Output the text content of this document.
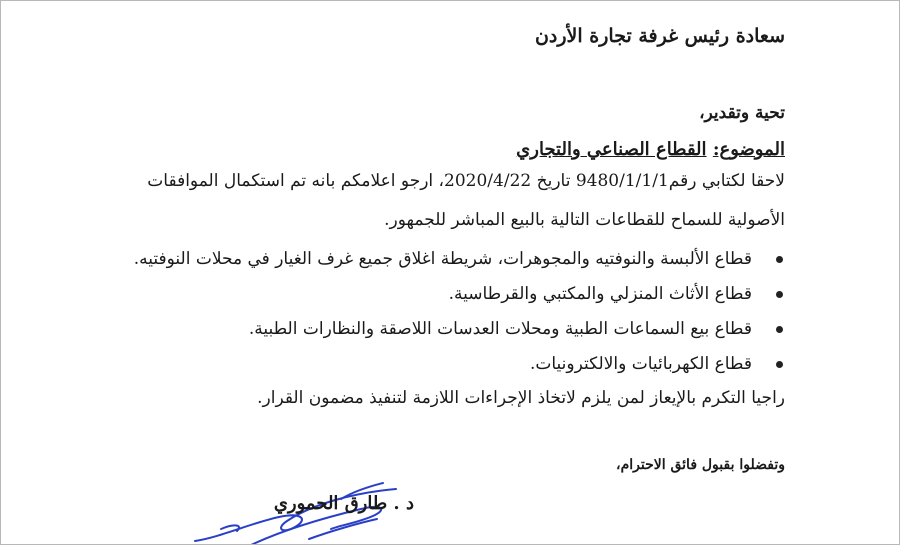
سعادة رئيس غرفة تجارة الأردن

تحية وتقدير،

الموضوع: القطاع الصناعي والتجاري

لاحقا لكتابي رقم9480/1/1/1 تاريخ 2020/4/22، ارجو اعلامكم بانه تم استكمال الموافقات

الأصولية للسماح للقطاعات التالية بالبيع المباشر للجمهور.

قطاع الألبسة والنوفتيه والمجوهرات، شريطة اغلاق جميع غرف الغيار في محلات النوفتيه.
قطاع الأثاث المنزلي والمكتبي والقرطاسية.
قطاع بيع السماعات الطبية ومحلات العدسات اللاصقة والنظارات الطبية.
قطاع الكهربائيات والالكترونيات.

راجيا التكرم بالإيعاز لمن يلزم لاتخاذ الإجراءات اللازمة لتنفيذ مضمون القرار.

وتفضلوا بقبول فائق الاحترام،

د . طارق الحموري
